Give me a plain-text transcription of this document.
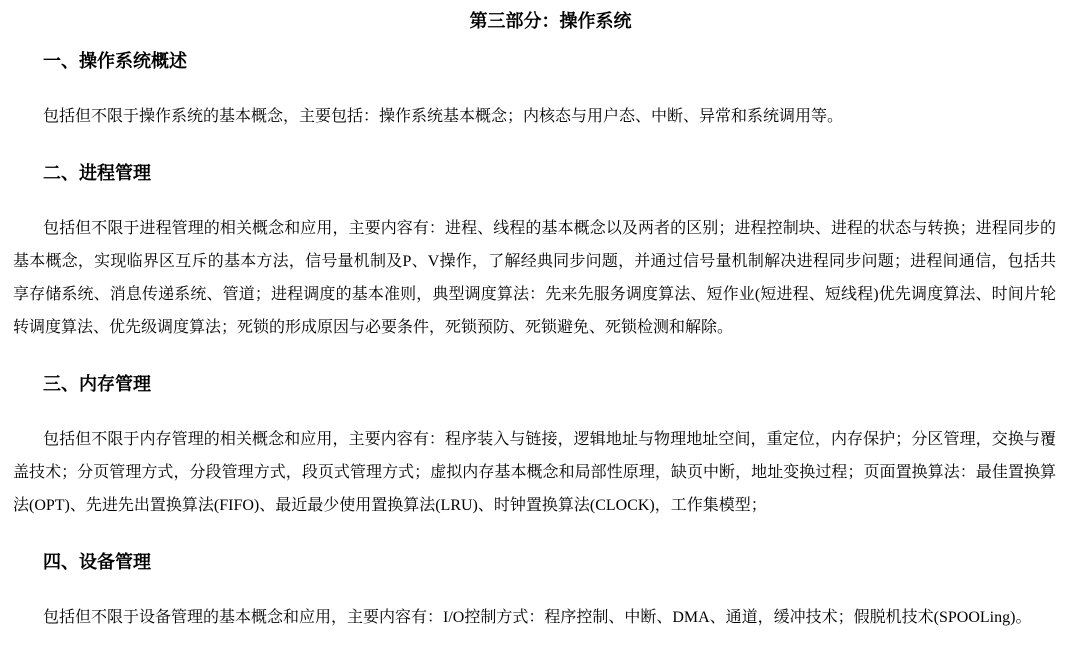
第三部分：操作系统

一、操作系统概述

包括但不限于操作系统的基本概念，主要包括：操作系统基本概念；内核态与用户态、中断、异常和系统调用等。

二、进程管理

包括但不限于进程管理的相关概念和应用，主要内容有：进程、线程的基本概念以及两者的区别；进程控制块、进程的状态与转换；进程同步的基本概念，实现临界区互斥的基本方法，信号量机制及P、V操作，了解经典同步问题，并通过信号量机制解决进程同步问题；进程间通信，包括共享存储系统、消息传递系统、管道；进程调度的基本准则，典型调度算法：先来先服务调度算法、短作业(短进程、短线程)优先调度算法、时间片轮转调度算法、优先级调度算法；死锁的形成原因与必要条件，死锁预防、死锁避免、死锁检测和解除。

三、内存管理

包括但不限于内存管理的相关概念和应用，主要内容有：程序装入与链接，逻辑地址与物理地址空间，重定位，内存保护；分区管理，交换与覆盖技术；分页管理方式，分段管理方式，段页式管理方式；虚拟内存基本概念和局部性原理，缺页中断，地址变换过程；页面置换算法：最佳置换算法(OPT)、先进先出置换算法(FIFO)、最近最少使用置换算法(LRU)、时钟置换算法(CLOCK)，工作集模型；

四、设备管理

包括但不限于设备管理的基本概念和应用，主要内容有：I/O控制方式：程序控制、中断、DMA、通道，缓冲技术；假脱机技术(SPOOLing)。
